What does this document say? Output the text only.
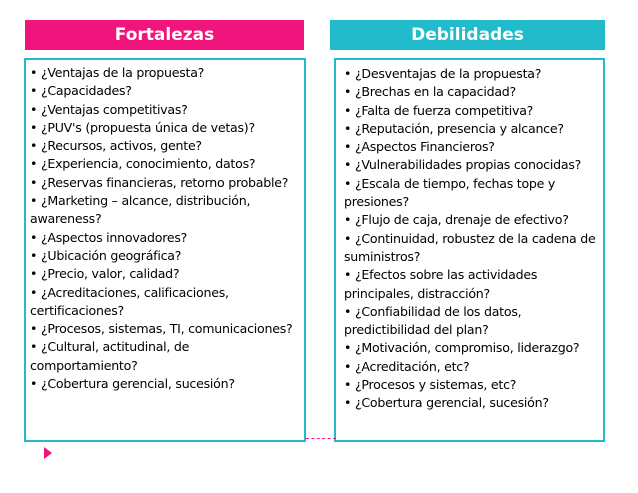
Fortalezas	Debilidades
• ¿Ventajas de la propuesta?
• ¿Capacidades?
• ¿Ventajas competitivas?
• ¿PUV's (propuesta única de vetas)?
• ¿Recursos, activos, gente?
• ¿Experiencia, conocimiento, datos?
• ¿Reservas financieras, retorno probable?
• ¿Marketing – alcance, distribución, awareness?
• ¿Aspectos innovadores?
• ¿Ubicación geográfica?
• ¿Precio, valor, calidad?
• ¿Acreditaciones, calificaciones, certificaciones?
• ¿Procesos, sistemas, TI, comunicaciones?
• ¿Cultural, actitudinal, de comportamiento?
• ¿Cobertura gerencial, sucesión?
• ¿Desventajas de la propuesta?
• ¿Brechas en la capacidad?
• ¿Falta de fuerza competitiva?
• ¿Reputación, presencia y alcance?
• ¿Aspectos Financieros?
• ¿Vulnerabilidades propias conocidas?
• ¿Escala de tiempo, fechas tope y presiones?
• ¿Flujo de caja, drenaje de efectivo?
• ¿Continuidad, robustez de la cadena de suministros?
• ¿Efectos sobre las actividades principales, distracción?
• ¿Confiabilidad de los datos, predictibilidad del plan?
• ¿Motivación, compromiso, liderazgo?
• ¿Acreditación, etc?
• ¿Procesos y sistemas, etc?
• ¿Cobertura gerencial, sucesión?
